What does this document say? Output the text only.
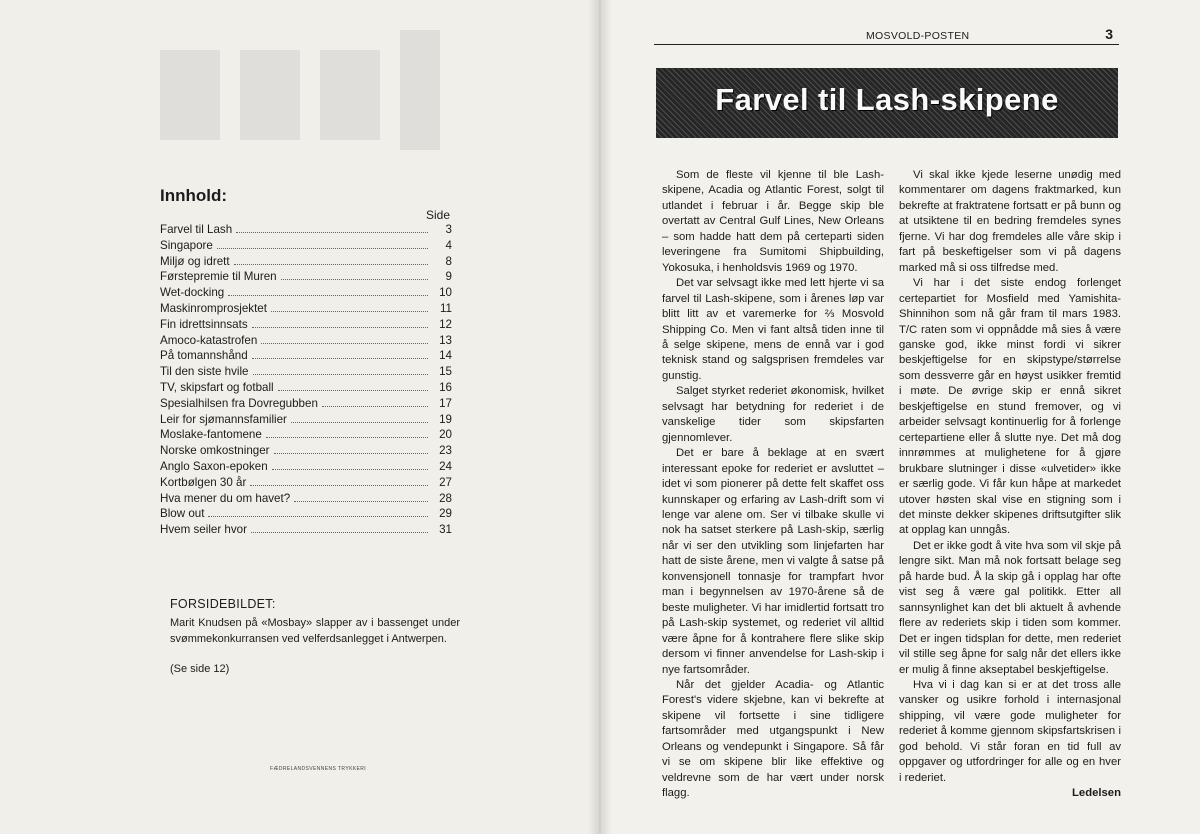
Innhold:
Side
Farvel til Lash	3
Singapore	4
Miljø og idrett	8
Førstepremie til Muren	9
Wet-docking	10
Maskinromprosjektet	11
Fin idrettsinnsats	12
Amoco-katastrofen	13
På tomannshånd	14
Til den siste hvile	15
TV, skipsfart og fotball	16
Spesialhilsen fra Dovregubben	17
Leir for sjømannsfamilier	19
Moslake-fantomene	20
Norske omkostninger	23
Anglo Saxon-epoken	24
Kortbølgen 30 år	27
Hva mener du om havet?	28
Blow out	29
Hvem seiler hvor	31
FORSIDEBILDET:
Marit Knudsen på «Mosbay» slapper av i bassenget under svømmekonkurransen ved velferdsanlegget i Antwerpen.
(Se side 12)
FÆDRELANDSVENNENS TRYKKERI
MOSVOLD-POSTEN	3
Farvel til Lash-skipene

Som de fleste vil kjenne til ble Lash-skipene, Acadia og Atlantic Forest, solgt til utlandet i februar i år. Begge skip ble overtatt av Central Gulf Lines, New Orleans – som hadde hatt dem på certeparti siden leveringene fra Sumitomi Shipbuilding, Yokosuka, i henholdsvis 1969 og 1970.

Det var selvsagt ikke med lett hjerte vi sa farvel til Lash-skipene, som i årenes løp var blitt litt av et varemerke for ⅔ Mosvold Shipping Co. Men vi fant altså tiden inne til å selge skipene, mens de ennå var i god teknisk stand og salgsprisen fremdeles var gunstig.

Salget styrket rederiet økonomisk, hvilket selvsagt har betydning for rederiet i de vanskelige tider som skipsfarten gjennomlever.

Det er bare å beklage at en svært interessant epoke for rederiet er avsluttet – idet vi som pionerer på dette felt skaffet oss kunnskaper og erfaring av Lash-drift som vi lenge var alene om. Ser vi tilbake skulle vi nok ha satset sterkere på Lash-skip, særlig når vi ser den utvikling som linjefarten har hatt de siste årene, men vi valgte å satse på konvensjonell tonnasje for trampfart hvor man i begynnelsen av 1970-årene så de beste muligheter. Vi har imidlertid fortsatt tro på Lash-skip systemet, og rederiet vil alltid være åpne for å kontrahere flere slike skip dersom vi finner anvendelse for Lash-skip i nye fartsområder.

Når det gjelder Acadia- og Atlantic Forest's videre skjebne, kan vi bekrefte at skipene vil fortsette i sine tidligere fartsområder med utgangspunkt i New Orleans og vendepunkt i Singapore. Så får vi se om skipene blir like effektive og veldrevne som de har vært under norsk flagg.

Vi skal ikke kjede leserne unødig med kommentarer om dagens fraktmarked, kun bekrefte at fraktratene fortsatt er på bunn og at utsiktene til en bedring fremdeles synes fjerne. Vi har dog fremdeles alle våre skip i fart på beskeftigelser som vi på dagens marked må si oss tilfredse med.

Vi har i det siste endog forlenget certepartiet for Mosfield med Yamishita-Shinnihon som nå går fram til mars 1983. T/C raten som vi oppnådde må sies å være ganske god, ikke minst fordi vi sikrer beskjeftigelse for en skipstype/størrelse som dessverre går en høyst usikker fremtid i møte. De øvrige skip er ennå sikret beskjeftigelse en stund fremover, og vi arbeider selvsagt kontinuerlig for å forlenge certepartiene eller å slutte nye. Det må dog innrømmes at mulighetene for å gjøre brukbare slutninger i disse «ulvetider» ikke er særlig gode. Vi får kun håpe at markedet utover høsten skal vise en stigning som i det minste dekker skipenes driftsutgifter slik at opplag kan unngås.

Det er ikke godt å vite hva som vil skje på lengre sikt. Man må nok fortsatt belage seg på harde bud. Å la skip gå i opplag har ofte vist seg å være gal politikk. Etter all sannsynlighet kan det bli aktuelt å avhende flere av rederiets skip i tiden som kommer. Det er ingen tidsplan for dette, men rederiet vil stille seg åpne for salg når det ellers ikke er mulig å finne akseptabel beskjeftigelse.

Hva vi i dag kan si er at det tross alle vansker og usikre forhold i internasjonal shipping, vil være gode muligheter for rederiet å komme gjennom skipsfartskrisen i god behold. Vi står foran en tid full av oppgaver og utfordringer for alle og en hver i rederiet.

Ledelsen
